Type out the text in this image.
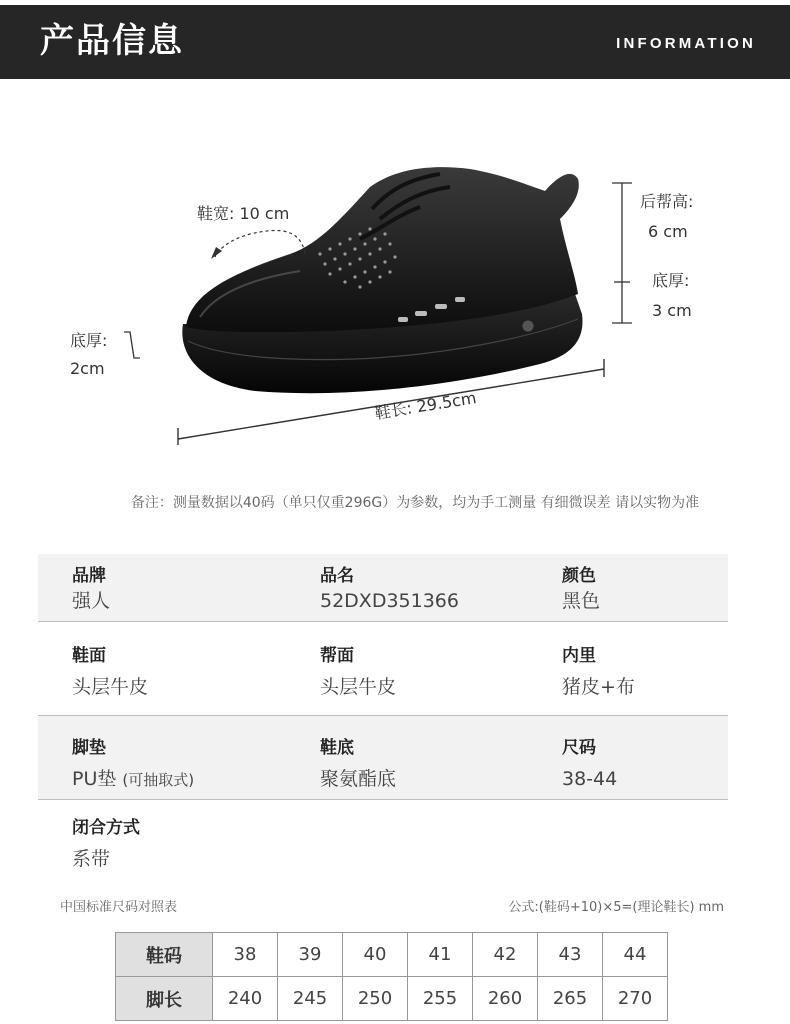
产品信息	INFORMATION
鞋宽: 10 cm
后帮高:
6 cm
底厚:
3 cm
底厚:
2cm
鞋长: 29.5cm
备注：测量数据以40码（单只仅重296G）为参数，均为手工测量 有细微误差 请以实物为准
品牌
强人
品名
52DXD351366
颜色
黑色
鞋面
头层牛皮
帮面
头层牛皮
内里
猪皮+布
脚垫
PU垫 (可抽取式)
鞋底
聚氨酯底
尺码
38-44
闭合方式
系带
中国标准尺码对照表	公式:(鞋码+10)×5=(理论鞋长) mm
鞋码	38	39	40	41	42	43	44
脚长	240	245	250	255	260	265	270
